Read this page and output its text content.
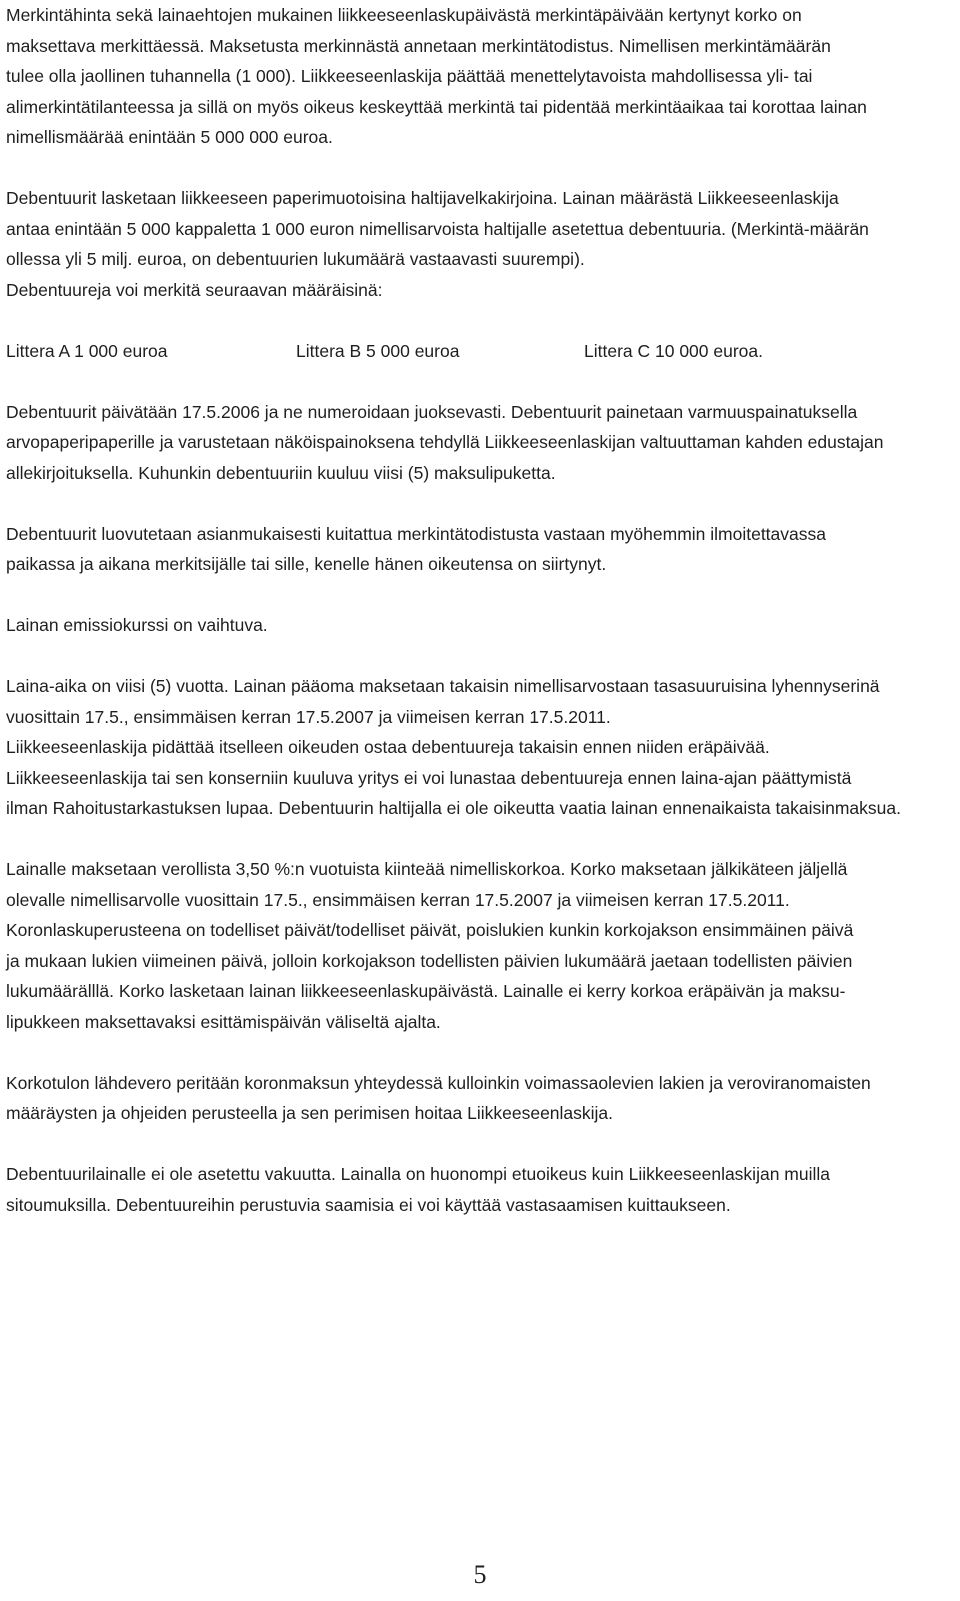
Merkintähinta sekä lainaehtojen mukainen liikkeeseenlaskupäivästä merkintäpäivään kertynyt korko on
maksettava merkittäessä. Maksetusta merkinnästä annetaan merkintätodistus. Nimellisen merkintämäärän
tulee olla jaollinen tuhannella (1 000). Liikkeeseenlaskija päättää menettelytavoista mahdollisessa yli- tai
alimerkintätilanteessa ja sillä on myös oikeus keskeyttää merkintä tai pidentää merkintäaikaa tai korottaa lainan
nimellismäärää enintään 5 000 000 euroa.
Debentuurit lasketaan liikkeeseen paperimuotoisina haltijavelkakirjoina. Lainan määrästä Liikkeeseenlaskija
antaa enintään 5 000 kappaletta 1 000 euron nimellisarvoista haltijalle asetettua debentuuria. (Merkintä-määrän
ollessa yli 5 milj. euroa, on debentuurien lukumäärä vastaavasti suurempi).
Debentuureja voi merkitä seuraavan määräisinä:
Littera A 1 000 euroa	Littera B 5 000 euroa	Littera C 10 000 euroa.
Debentuurit päivätään 17.5.2006 ja ne numeroidaan juoksevasti. Debentuurit painetaan varmuuspainatuksella
arvopaperipaperille ja varustetaan näköispainoksena tehdyllä Liikkeeseenlaskijan valtuuttaman kahden edustajan
allekirjoituksella. Kuhunkin debentuuriin kuuluu viisi (5) maksulipuketta.
Debentuurit luovutetaan asianmukaisesti kuitattua merkintätodistusta vastaan myöhemmin ilmoitettavassa
paikassa ja aikana merkitsijälle tai sille, kenelle hänen oikeutensa on siirtynyt.
Lainan emissiokurssi on vaihtuva.
Laina-aika on viisi (5) vuotta. Lainan pääoma maksetaan takaisin nimellisarvostaan tasasuuruisina lyhennyserinä
vuosittain 17.5., ensimmäisen kerran 17.5.2007 ja viimeisen kerran 17.5.2011.
Liikkeeseenlaskija pidättää itselleen oikeuden ostaa debentuureja takaisin ennen niiden eräpäivää.
Liikkeeseenlaskija tai sen konserniin kuuluva yritys ei voi lunastaa debentuureja ennen laina-ajan päättymistä
ilman Rahoitustarkastuksen lupaa. Debentuurin haltijalla ei ole oikeutta vaatia lainan ennenaikaista takaisinmaksua.
Lainalle maksetaan verollista 3,50 %:n vuotuista kiinteää nimelliskorkoa. Korko maksetaan jälkikäteen jäljellä
olevalle nimellisarvolle vuosittain 17.5., ensimmäisen kerran 17.5.2007 ja viimeisen kerran 17.5.2011.
Koronlaskuperusteena on todelliset päivät/todelliset päivät, poislukien kunkin korkojakson ensimmäinen päivä
ja mukaan lukien viimeinen päivä, jolloin korkojakson todellisten päivien lukumäärä jaetaan todellisten päivien
lukumäärälllä. Korko lasketaan lainan liikkeeseenlaskupäivästä. Lainalle ei kerry korkoa eräpäivän ja maksu-
lipukkeen maksettavaksi esittämispäivän väliseltä ajalta.
Korkotulon lähdevero peritään koronmaksun yhteydessä kulloinkin voimassaolevien lakien ja veroviranomaisten
määräysten ja ohjeiden perusteella ja sen perimisen hoitaa Liikkeeseenlaskija.
Debentuurilainalle ei ole asetettu vakuutta. Lainalla on huonompi etuoikeus kuin Liikkeeseenlaskijan muilla
sitoumuksilla. Debentuureihin perustuvia saamisia ei voi käyttää vastasaamisen kuittaukseen.
5
